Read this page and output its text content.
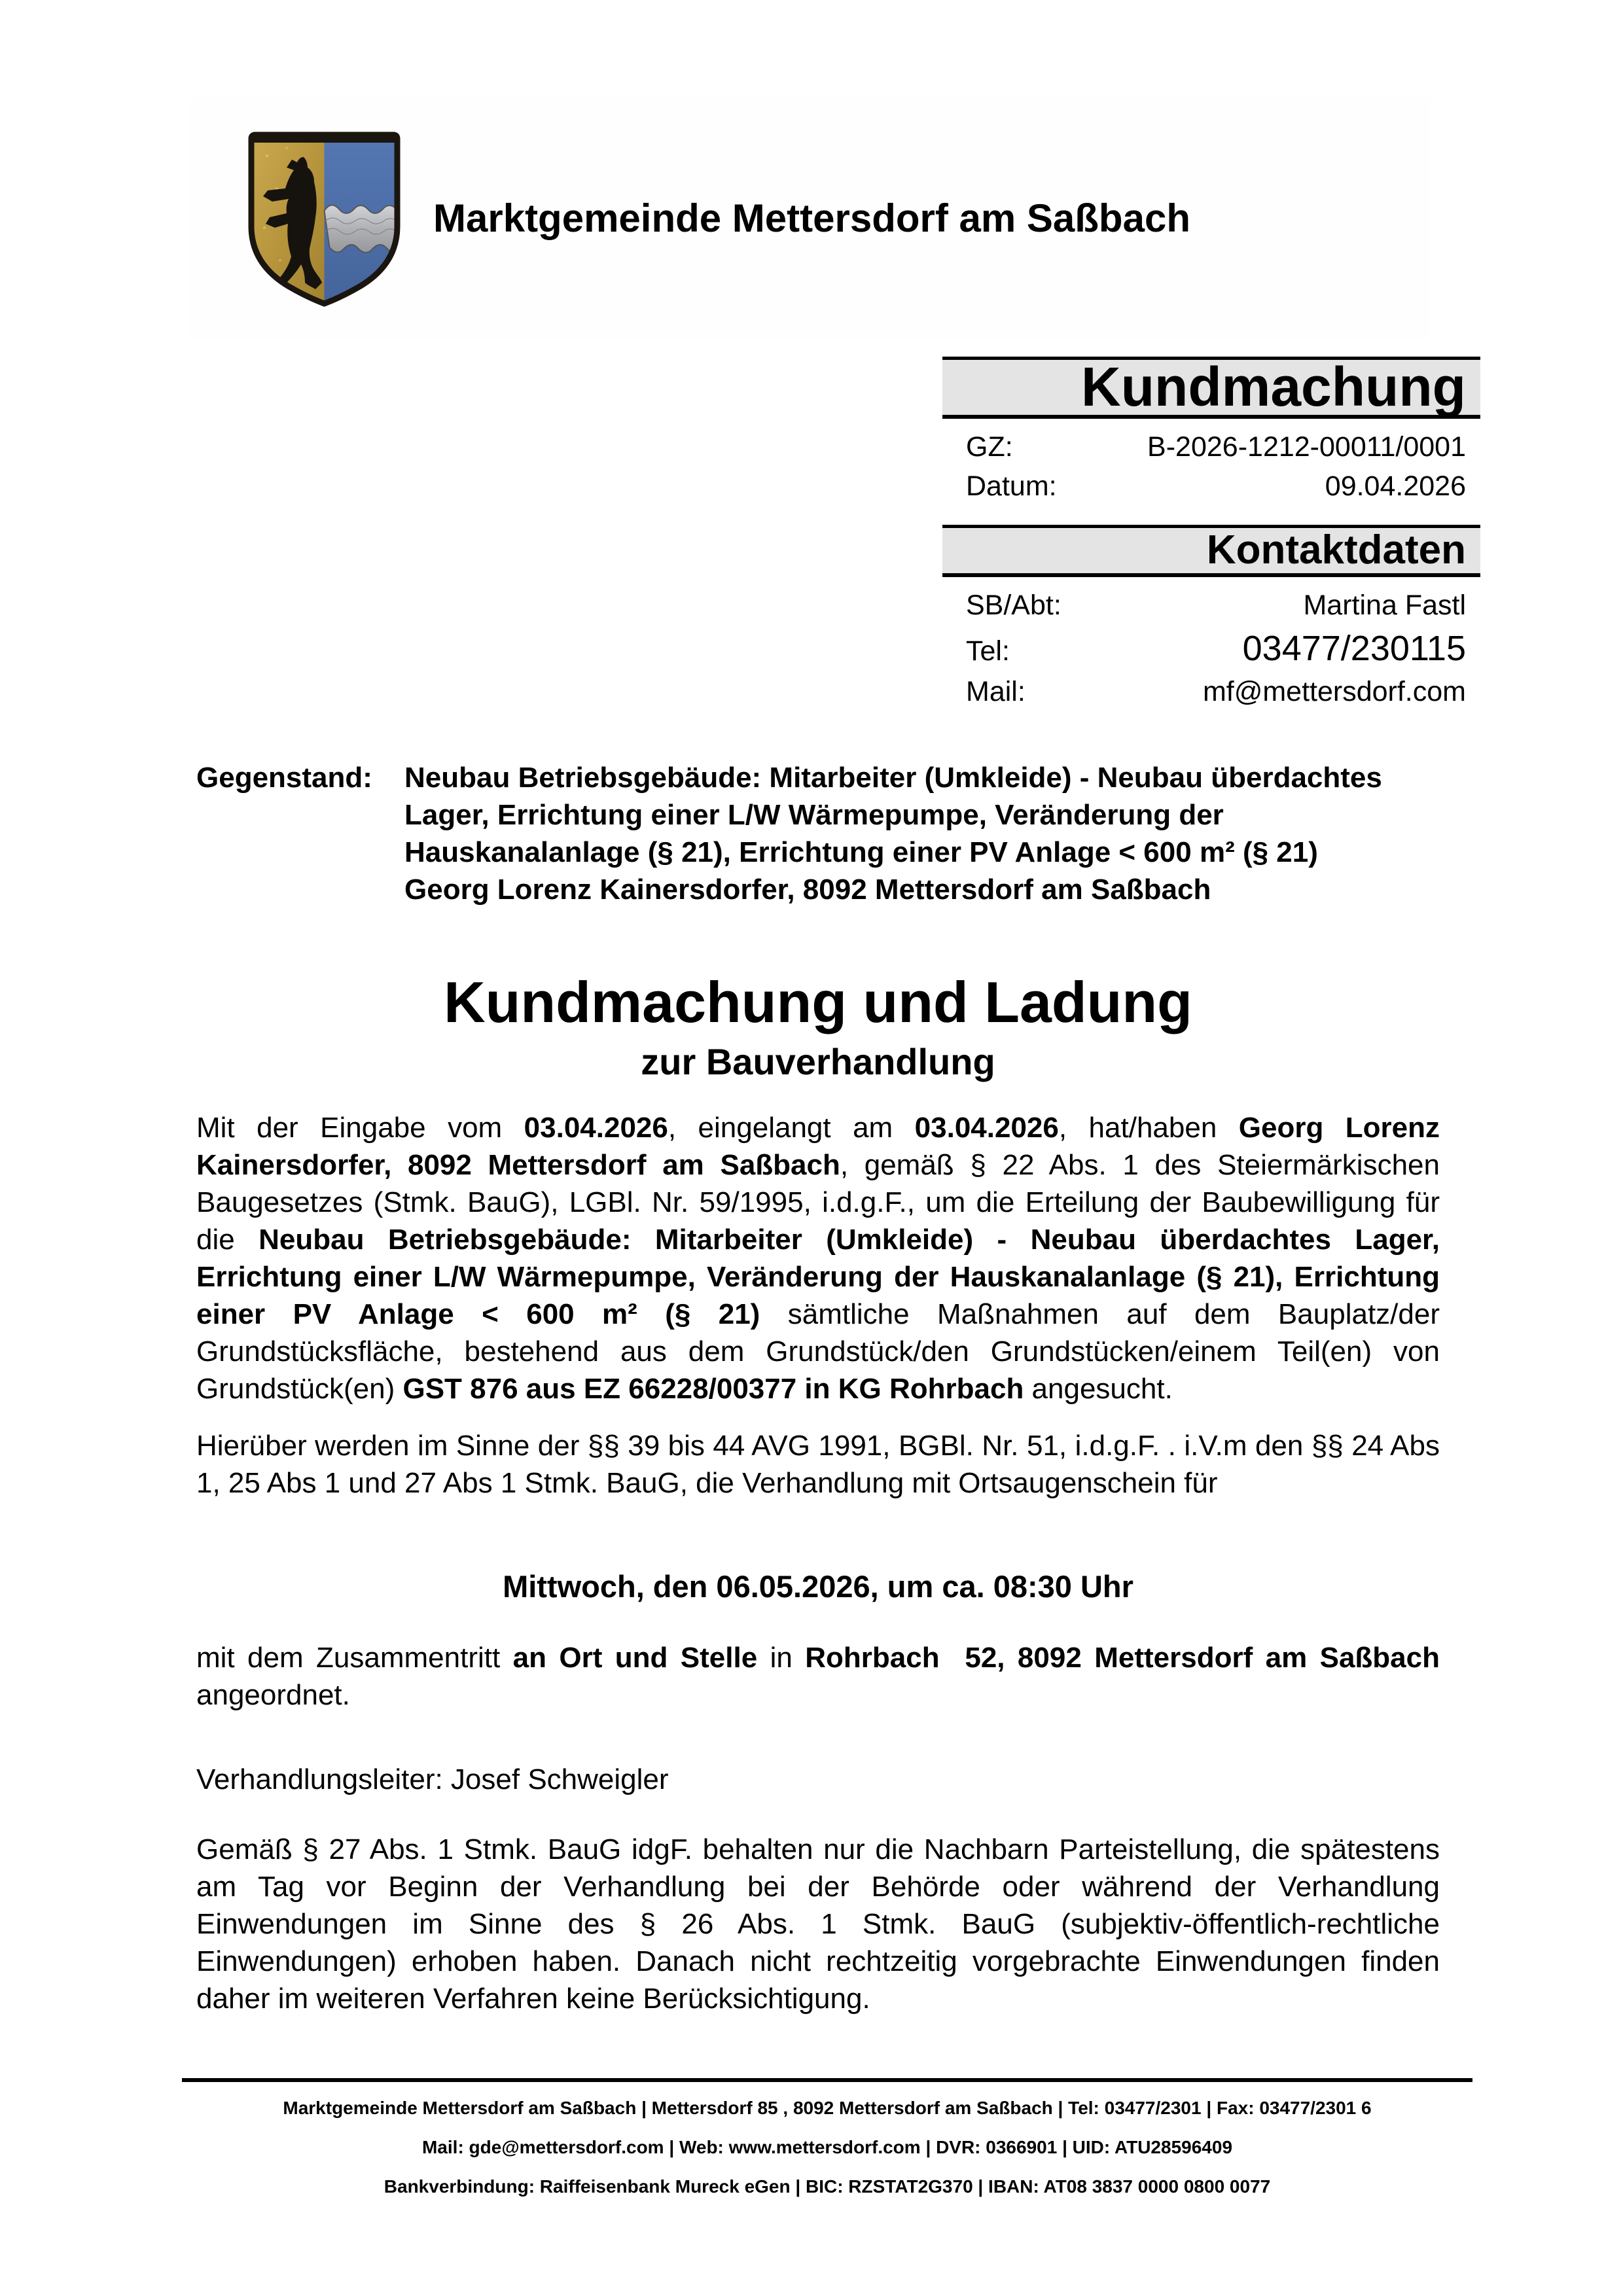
Marktgemeinde Mettersdorf am Saßbach
Kundmachung
GZ:	B-2026-1212-00011/0001
Datum:	09.04.2026
Kontaktdaten
SB/Abt:	Martina Fastl
Tel:	03477/230115
Mail:	mf@mettersdorf.com
Gegenstand:	Neubau Betriebsgebäude: Mitarbeiter (Umkleide) - Neubau überdachtes
Lager, Errichtung einer L/W Wärmepumpe, Veränderung der
Hauskanalanlage (§ 21), Errichtung einer PV Anlage < 600 m² (§ 21)
Georg Lorenz Kainersdorfer, 8092 Mettersdorf am Saßbach
Kundmachung und Ladung
zur Bauverhandlung

Mit der Eingabe vom 03.04.2026, eingelangt am 03.04.2026, hat/haben Georg Lorenz Kainersdorfer, 8092 Mettersdorf am Saßbach, gemäß § 22 Abs. 1 des Steiermärkischen Baugesetzes (Stmk. BauG), LGBl. Nr. 59/1995, i.d.g.F., um die Erteilung der Baubewilligung für die Neubau Betriebsgebäude: Mitarbeiter (Umkleide) - Neubau überdachtes Lager, Errichtung einer L/W Wärmepumpe, Veränderung der Hauskanalanlage (§ 21), Errichtung einer PV Anlage < 600 m² (§ 21) sämtliche Maßnahmen auf dem Bauplatz/der Grundstücksfläche, bestehend aus dem Grundstück/den Grundstücken/einem Teil(en) von Grundstück(en) GST 876 aus EZ 66228/00377 in KG Rohrbach angesucht.

Hierüber werden im Sinne der §§ 39 bis 44 AVG 1991, BGBl. Nr. 51, i.d.g.F. . i.V.m den §§ 24 Abs 1, 25 Abs 1 und 27 Abs 1 Stmk. BauG, die Verhandlung mit Ortsaugenschein für

Mittwoch, den 06.05.2026, um ca. 08:30 Uhr

mit dem Zusammentritt an Ort und Stelle in Rohrbach  52, 8092 Mettersdorf am Saßbach angeordnet.

Verhandlungsleiter: Josef Schweigler

Gemäß § 27 Abs. 1 Stmk. BauG idgF. behalten nur die Nachbarn Parteistellung, die spätestens am Tag vor Beginn der Verhandlung bei der Behörde oder während der Verhandlung Einwendungen im Sinne des § 26 Abs. 1 Stmk. BauG (subjektiv-öffentlich-rechtliche Einwendungen) erhoben haben. Danach nicht rechtzeitig vorgebrachte Einwendungen finden daher im weiteren Verfahren keine Berücksichtigung.

Marktgemeinde Mettersdorf am Saßbach | Mettersdorf 85 , 8092 Mettersdorf am Saßbach | Tel: 03477/2301 | Fax: 03477/2301 6
Mail: gde@mettersdorf.com | Web: www.mettersdorf.com | DVR: 0366901 | UID: ATU28596409
Bankverbindung: Raiffeisenbank Mureck eGen | BIC: RZSTAT2G370 | IBAN: AT08 3837 0000 0800 0077
